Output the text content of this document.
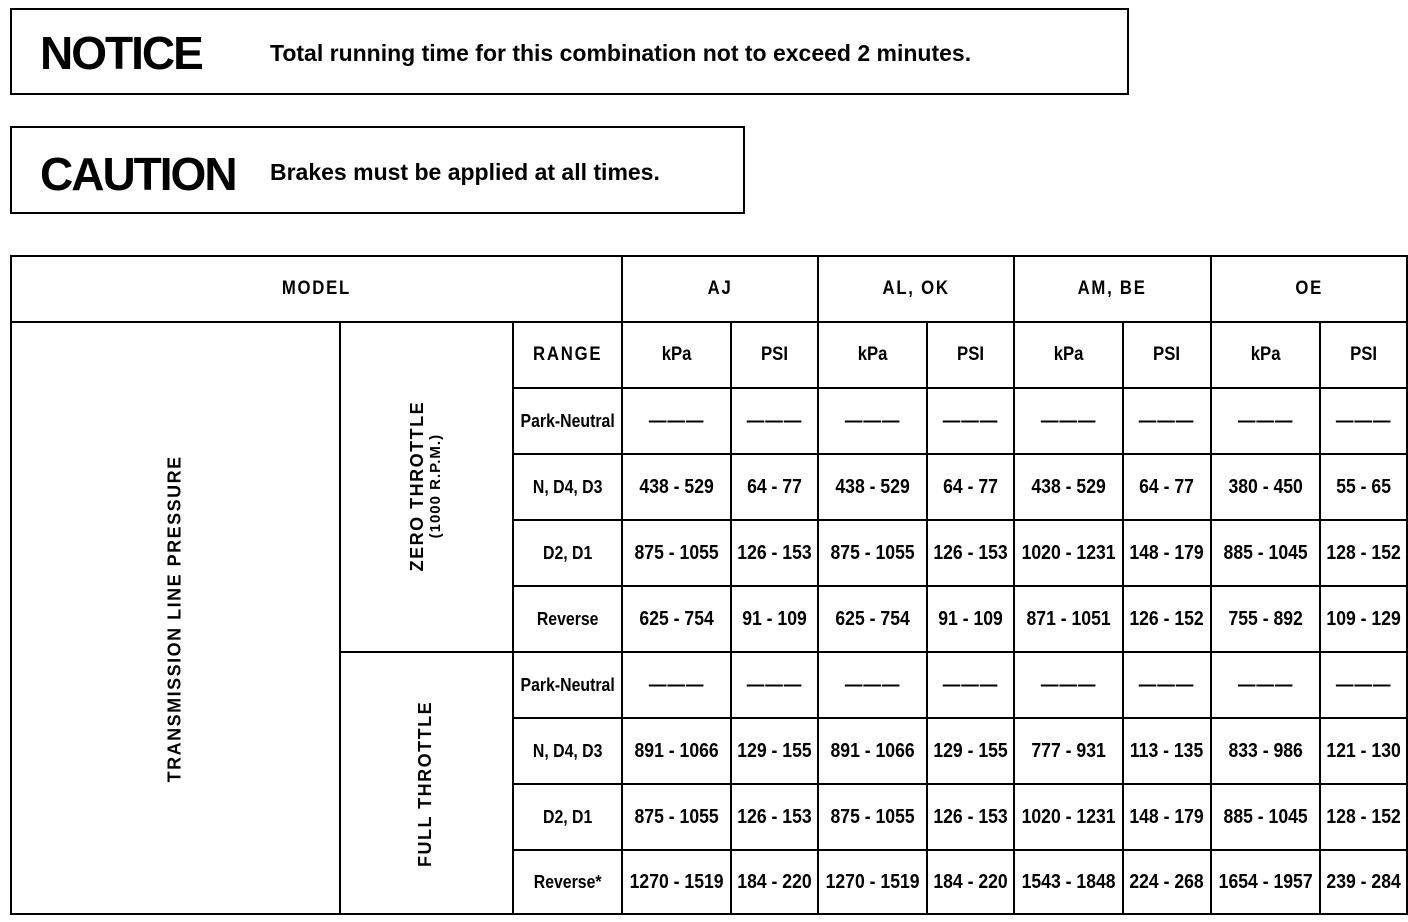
NOTICE	Total running time for this combination not to exceed 2 minutes.
CAUTION Brakes must be applied at all times.
MODEL			AJ		AL, OK		AM, BE		OE	
TRANSMISSION LINE PRESSURE	ZERO THROTTLE (1000 R.P.M.)	RANGE	kPa	PSI	kPa	PSI	kPa	PSI	kPa	PSI
		Park-Neutral	———	———	———	———	———	———	———	———
		N, D4, D3	438 - 529	64 - 77	438 - 529	64 - 77	438 - 529	64 - 77	380 - 450	55 - 65
		D2, D1	875 - 1055	126 - 153	875 - 1055	126 - 153	1020 - 1231	148 - 179	885 - 1045	128 - 152
		Reverse	625 - 754	91 - 109	625 - 754	91 - 109	871 - 1051	126 - 152	755 - 892	109 - 129
	FULL THROTTLE	Park-Neutral	———	———	———	———	———	———	———	———
		N, D4, D3	891 - 1066	129 - 155	891 - 1066	129 - 155	777 - 931	113 - 135	833 - 986	121 - 130
		D2, D1	875 - 1055	126 - 153	875 - 1055	126 - 153	1020 - 1231	148 - 179	885 - 1045	128 - 152
		Reverse*	1270 - 1519	184 - 220	1270 - 1519	184 - 220	1543 - 1848	224 - 268	1654 - 1957	239 - 284
